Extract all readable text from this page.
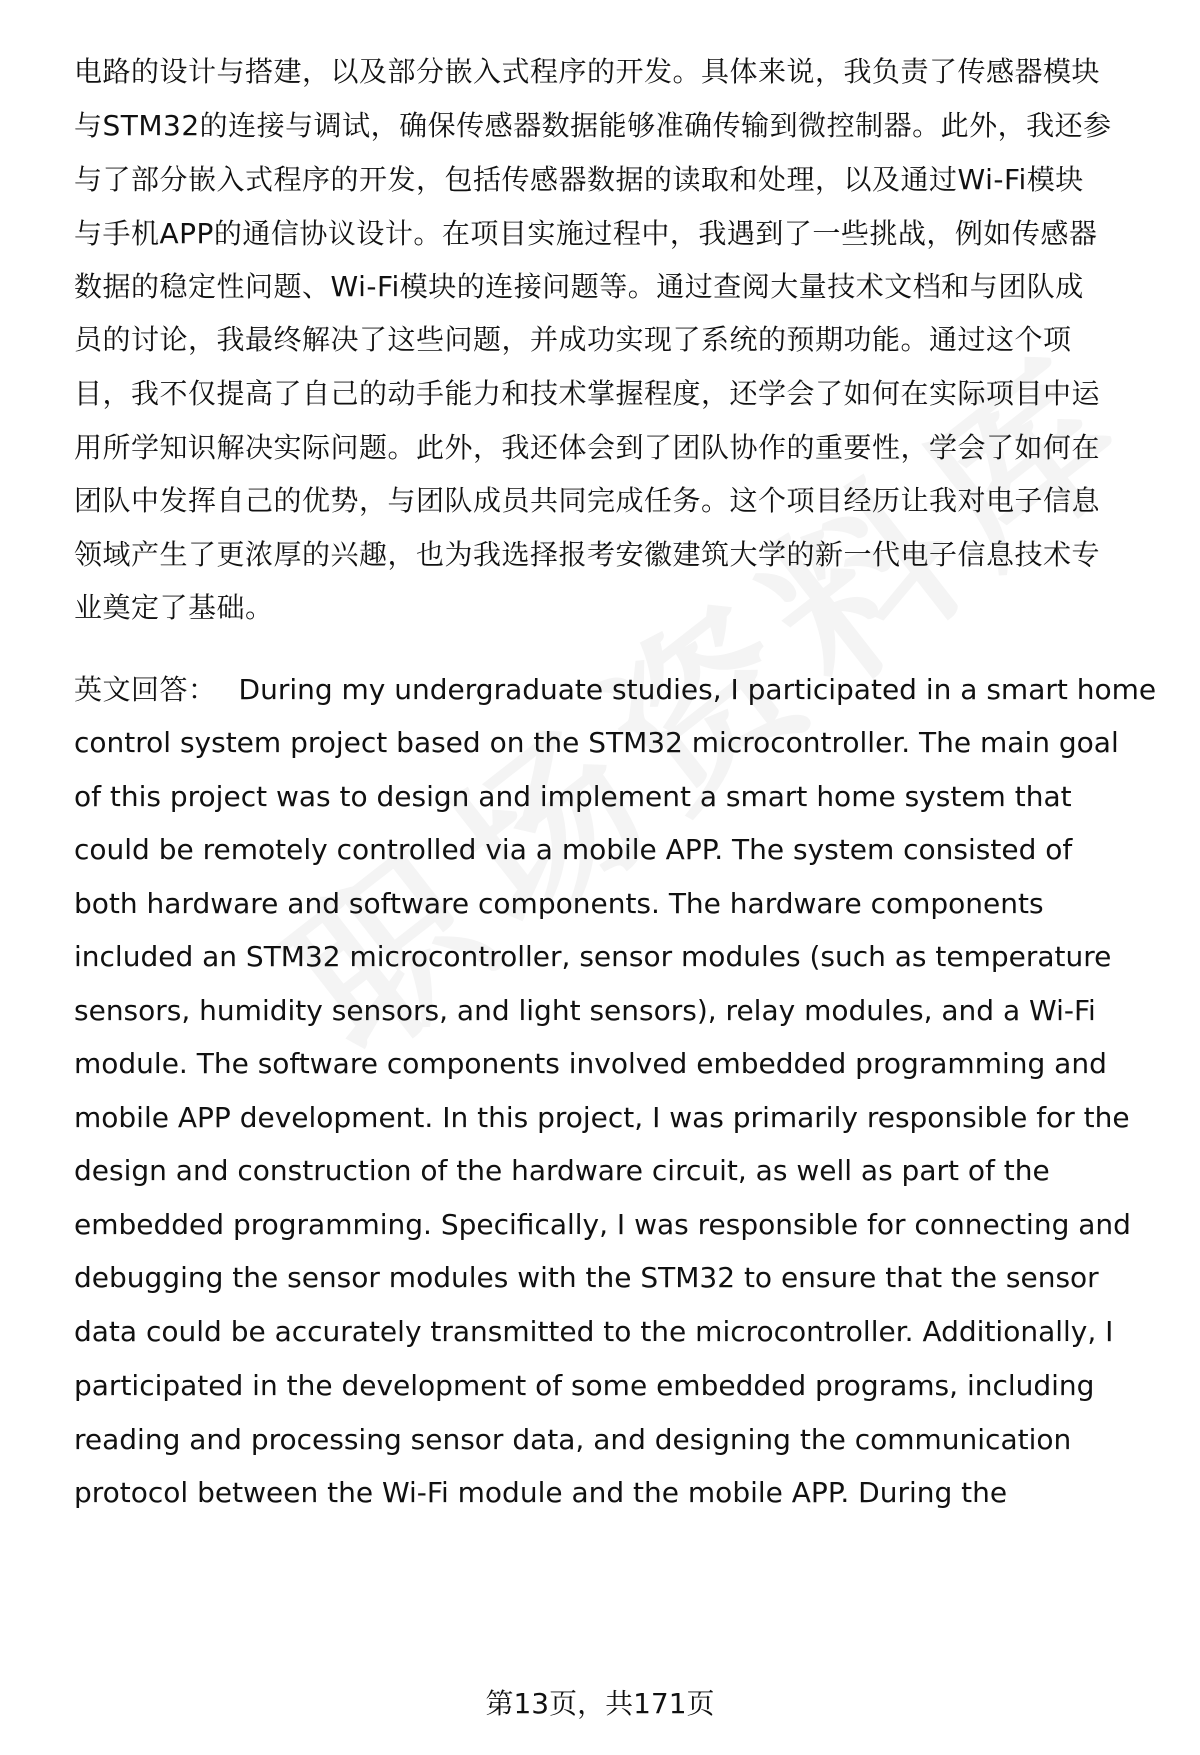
电路的设计与搭建，以及部分嵌入式程序的开发。具体来说，我负责了传感器模块
与STM32的连接与调试，确保传感器数据能够准确传输到微控制器。此外，我还参
与了部分嵌入式程序的开发，包括传感器数据的读取和处理，以及通过Wi-Fi模块
与手机APP的通信协议设计。在项目实施过程中，我遇到了一些挑战，例如传感器
数据的稳定性问题、Wi-Fi模块的连接问题等。通过查阅大量技术文档和与团队成
员的讨论，我最终解决了这些问题，并成功实现了系统的预期功能。通过这个项
目，我不仅提高了自己的动手能力和技术掌握程度，还学会了如何在实际项目中运
用所学知识解决实际问题。此外，我还体会到了团队协作的重要性，学会了如何在
团队中发挥自己的优势，与团队成员共同完成任务。这个项目经历让我对电子信息
领域产生了更浓厚的兴趣，也为我选择报考安徽建筑大学的新一代电子信息技术专
业奠定了基础。
英文回答： During my undergraduate studies, I participated in a smart home
control system project based on the STM32 microcontroller. The main goal
of this project was to design and implement a smart home system that
could be remotely controlled via a mobile APP. The system consisted of
both hardware and software components. The hardware components
included an STM32 microcontroller, sensor modules (such as temperature
sensors, humidity sensors, and light sensors), relay modules, and a Wi-Fi
module. The software components involved embedded programming and
mobile APP development. In this project, I was primarily responsible for the
design and construction of the hardware circuit, as well as part of the
embedded programming. Specifically, I was responsible for connecting and
debugging the sensor modules with the STM32 to ensure that the sensor
data could be accurately transmitted to the microcontroller. Additionally, I
participated in the development of some embedded programs, including
reading and processing sensor data, and designing the communication
protocol between the Wi-Fi module and the mobile APP. During the
第13页，共171页
